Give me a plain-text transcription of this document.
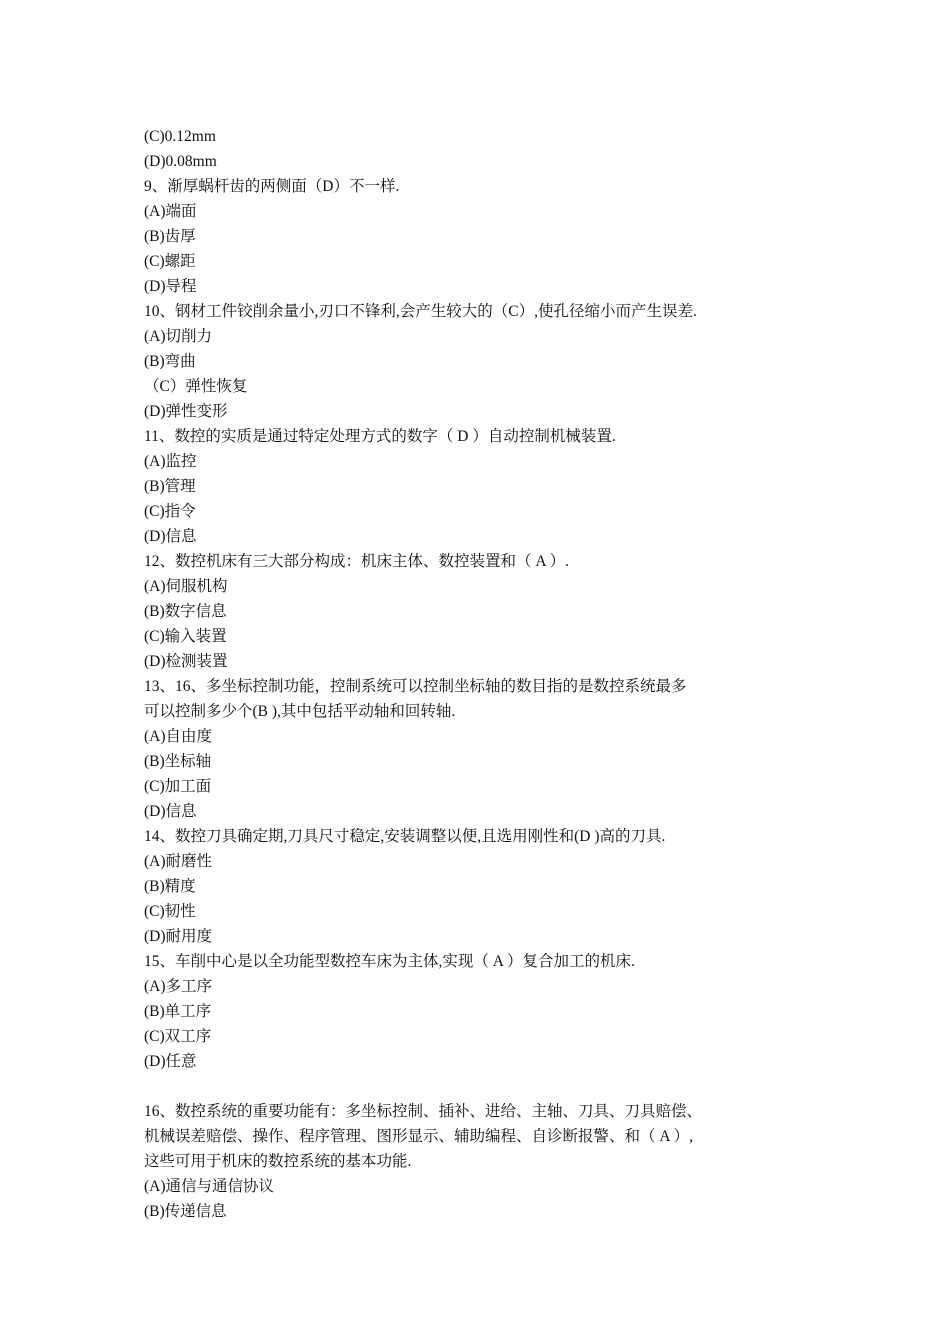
(C)0.12mm
(D)0.08mm
9、渐厚蜗杆齿的两侧面（D）不一样.
(A)端面
(B)齿厚
(C)螺距
(D)导程
10、钢材工件铰削余量小,刃口不锋利,会产生较大的（C）,使孔径缩小而产生误差.
(A)切削力
(B)弯曲
（C）弹性恢复
(D)弹性变形
11、数控的实质是通过特定处理方式的数字（ D ）自动控制机械装置.
(A)监控
(B)管理
(C)指令
(D)信息
12、数控机床有三大部分构成：机床主体、数控装置和（ A ）.
(A)伺服机构
(B)数字信息
(C)输入装置
(D)检测装置
13、16、多坐标控制功能，控制系统可以控制坐标轴的数目指的是数控系统最多
可以控制多少个(B ),其中包括平动轴和回转轴.
(A)自由度
(B)坐标轴
(C)加工面
(D)信息
14、数控刀具确定期,刀具尺寸稳定,安装调整以便,且选用刚性和(D )高的刀具.
(A)耐磨性
(B)精度
(C)韧性
(D)耐用度
15、车削中心是以全功能型数控车床为主体,实现（ A ）复合加工的机床.
(A)多工序
(B)单工序
(C)双工序
(D)任意
16、数控系统的重要功能有：多坐标控制、插补、进给、主轴、刀具、刀具赔偿、
机械误差赔偿、操作、程序管理、图形显示、辅助编程、自诊断报警、和（ A ）,
这些可用于机床的数控系统的基本功能.
(A)通信与通信协议
(B)传递信息
